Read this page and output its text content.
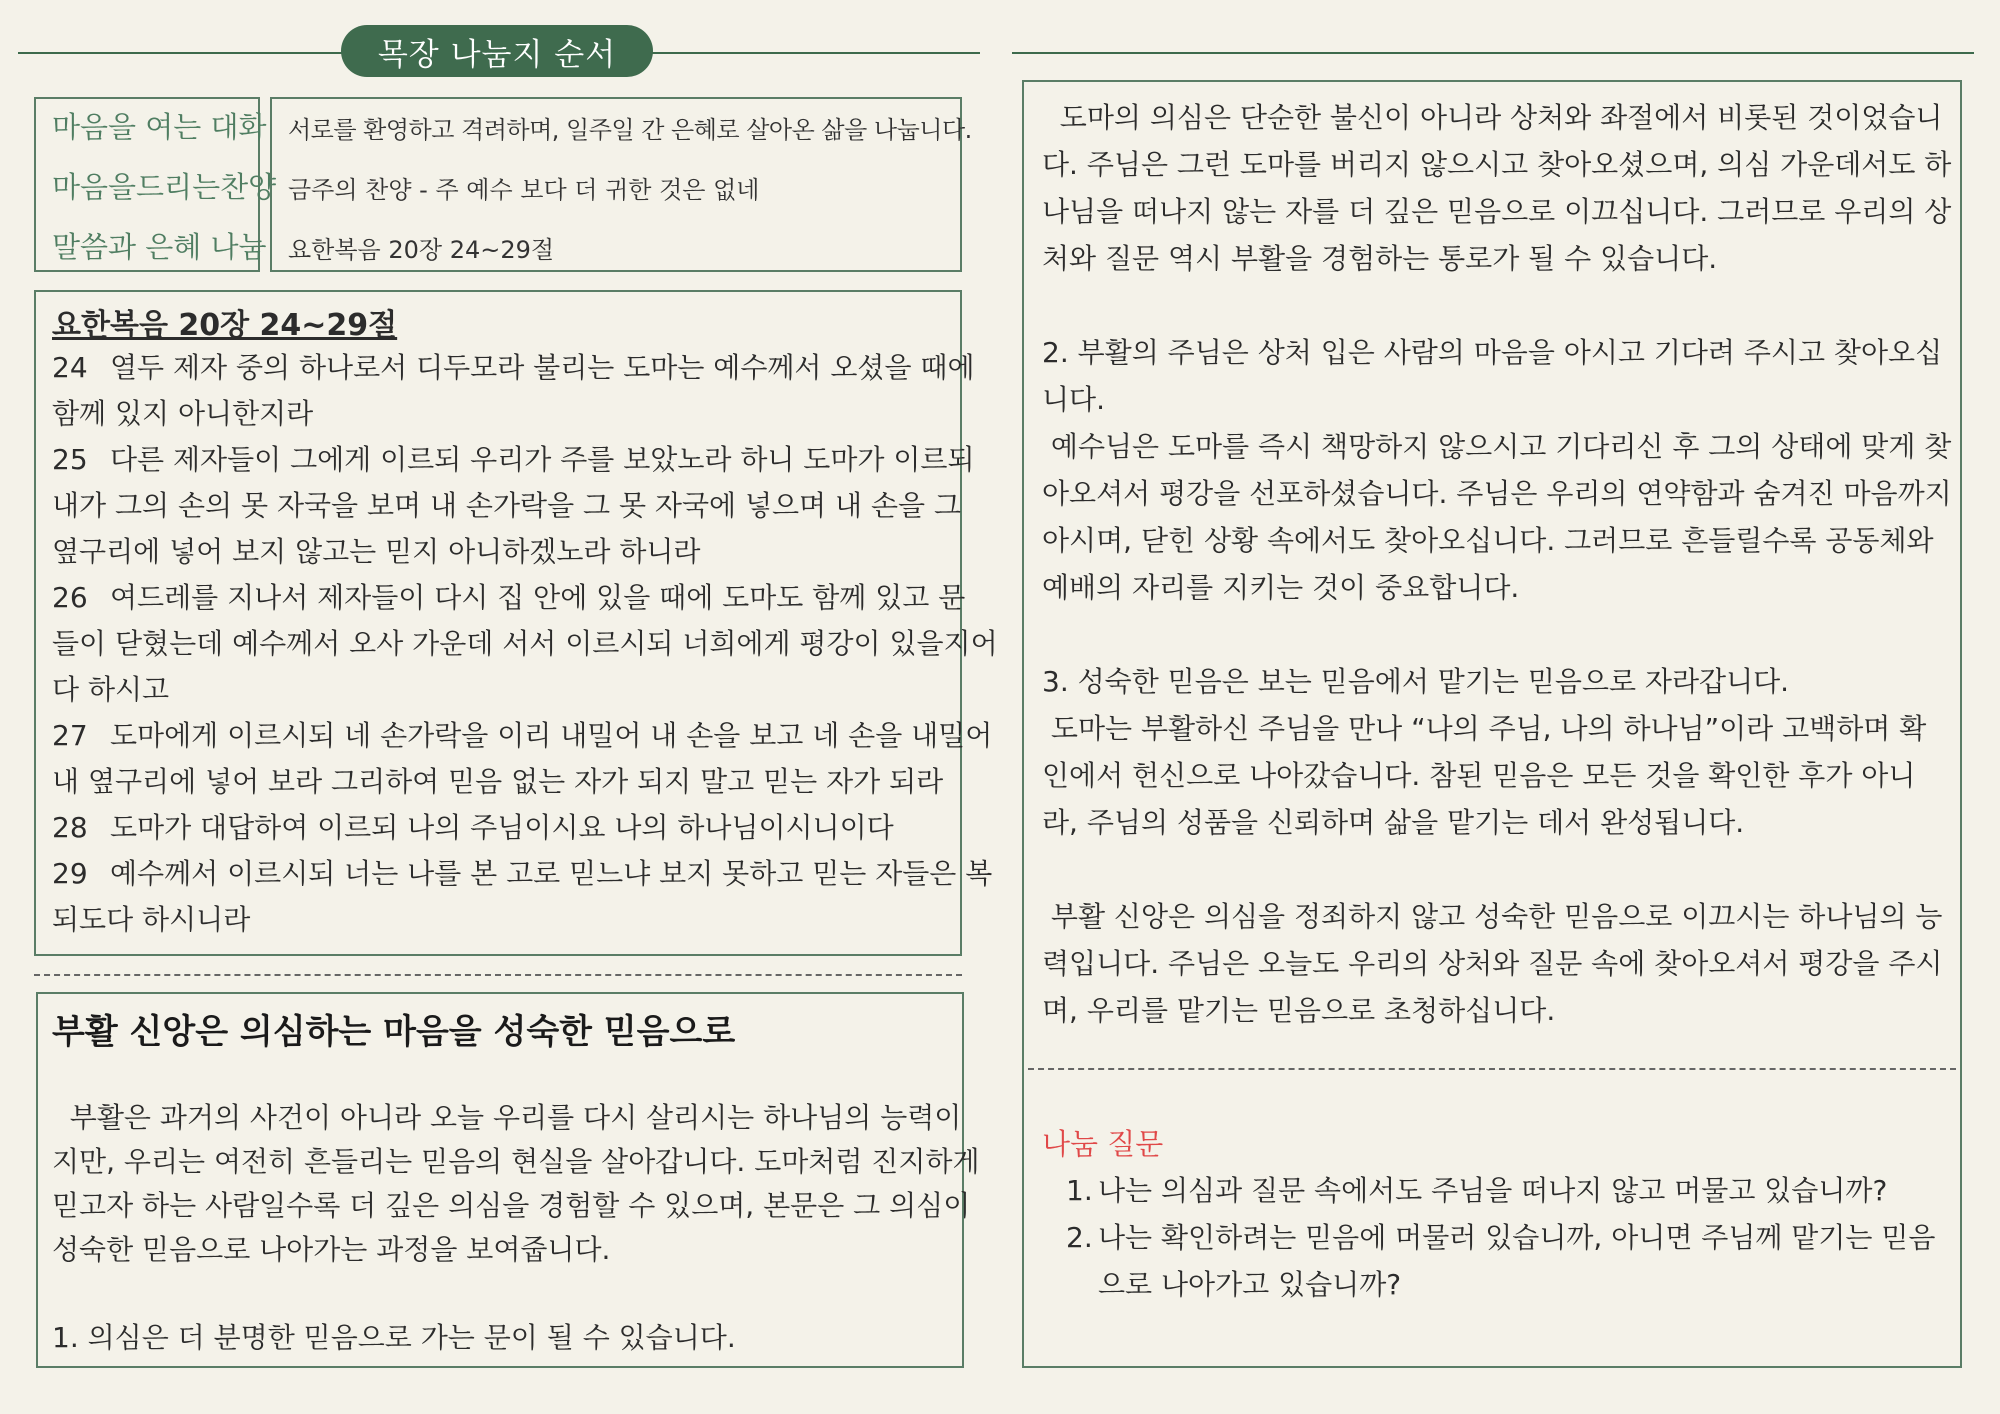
목장 나눔지 순서
마음을 여는 대화
마음을드리는찬양
말씀과 은혜 나눔
서로를 환영하고 격려하며, 일주일 간 은혜로 살아온 삶을 나눕니다.
금주의 찬양 - 주 예수 보다 더 귀한 것은 없네
요한복음 20장 24~29절
요한복음 20장 24~29절
24 열두 제자 중의 하나로서 디두모라 불리는 도마는 예수께서 오셨을 때에
함께 있지 아니한지라
25 다른 제자들이 그에게 이르되 우리가 주를 보았노라 하니 도마가 이르되
내가 그의 손의 못 자국을 보며 내 손가락을 그 못 자국에 넣으며 내 손을 그
옆구리에 넣어 보지 않고는 믿지 아니하겠노라 하니라
26 여드레를 지나서 제자들이 다시 집 안에 있을 때에 도마도 함께 있고 문
들이 닫혔는데 예수께서 오사 가운데 서서 이르시되 너희에게 평강이 있을지어
다 하시고
27 도마에게 이르시되 네 손가락을 이리 내밀어 내 손을 보고 네 손을 내밀어
내 옆구리에 넣어 보라 그리하여 믿음 없는 자가 되지 말고 믿는 자가 되라
28 도마가 대답하여 이르되 나의 주님이시요 나의 하나님이시니이다
29 예수께서 이르시되 너는 나를 본 고로 믿느냐 보지 못하고 믿는 자들은 복
되도다 하시니라
부활 신앙은 의심하는 마음을 성숙한 믿음으로
부활은 과거의 사건이 아니라 오늘 우리를 다시 살리시는 하나님의 능력이
지만, 우리는 여전히 흔들리는 믿음의 현실을 살아갑니다. 도마처럼 진지하게
믿고자 하는 사람일수록 더 깊은 의심을 경험할 수 있으며, 본문은 그 의심이
성숙한 믿음으로 나아가는 과정을 보여줍니다.
1. 의심은 더 분명한 믿음으로 가는 문이 될 수 있습니다.
도마의 의심은 단순한 불신이 아니라 상처와 좌절에서 비롯된 것이었습니
다. 주님은 그런 도마를 버리지 않으시고 찾아오셨으며, 의심 가운데서도 하
나님을 떠나지 않는 자를 더 깊은 믿음으로 이끄십니다. 그러므로 우리의 상
처와 질문 역시 부활을 경험하는 통로가 될 수 있습니다.
2. 부활의 주님은 상처 입은 사람의 마음을 아시고 기다려 주시고 찾아오십
니다.
예수님은 도마를 즉시 책망하지 않으시고 기다리신 후 그의 상태에 맞게 찾
아오셔서 평강을 선포하셨습니다. 주님은 우리의 연약함과 숨겨진 마음까지
아시며, 닫힌 상황 속에서도 찾아오십니다. 그러므로 흔들릴수록 공동체와
예배의 자리를 지키는 것이 중요합니다.
3. 성숙한 믿음은 보는 믿음에서 맡기는 믿음으로 자라갑니다.
도마는 부활하신 주님을 만나 “나의 주님, 나의 하나님”이라 고백하며 확
인에서 헌신으로 나아갔습니다. 참된 믿음은 모든 것을 확인한 후가 아니
라, 주님의 성품을 신뢰하며 삶을 맡기는 데서 완성됩니다.
부활 신앙은 의심을 정죄하지 않고 성숙한 믿음으로 이끄시는 하나님의 능
력입니다. 주님은 오늘도 우리의 상처와 질문 속에 찾아오셔서 평강을 주시
며, 우리를 맡기는 믿음으로 초청하십니다.
나눔 질문
1. 나는 의심과 질문 속에서도 주님을 떠나지 않고 머물고 있습니까?
2. 나는 확인하려는 믿음에 머물러 있습니까, 아니면 주님께 맡기는 믿음
으로 나아가고 있습니까?
